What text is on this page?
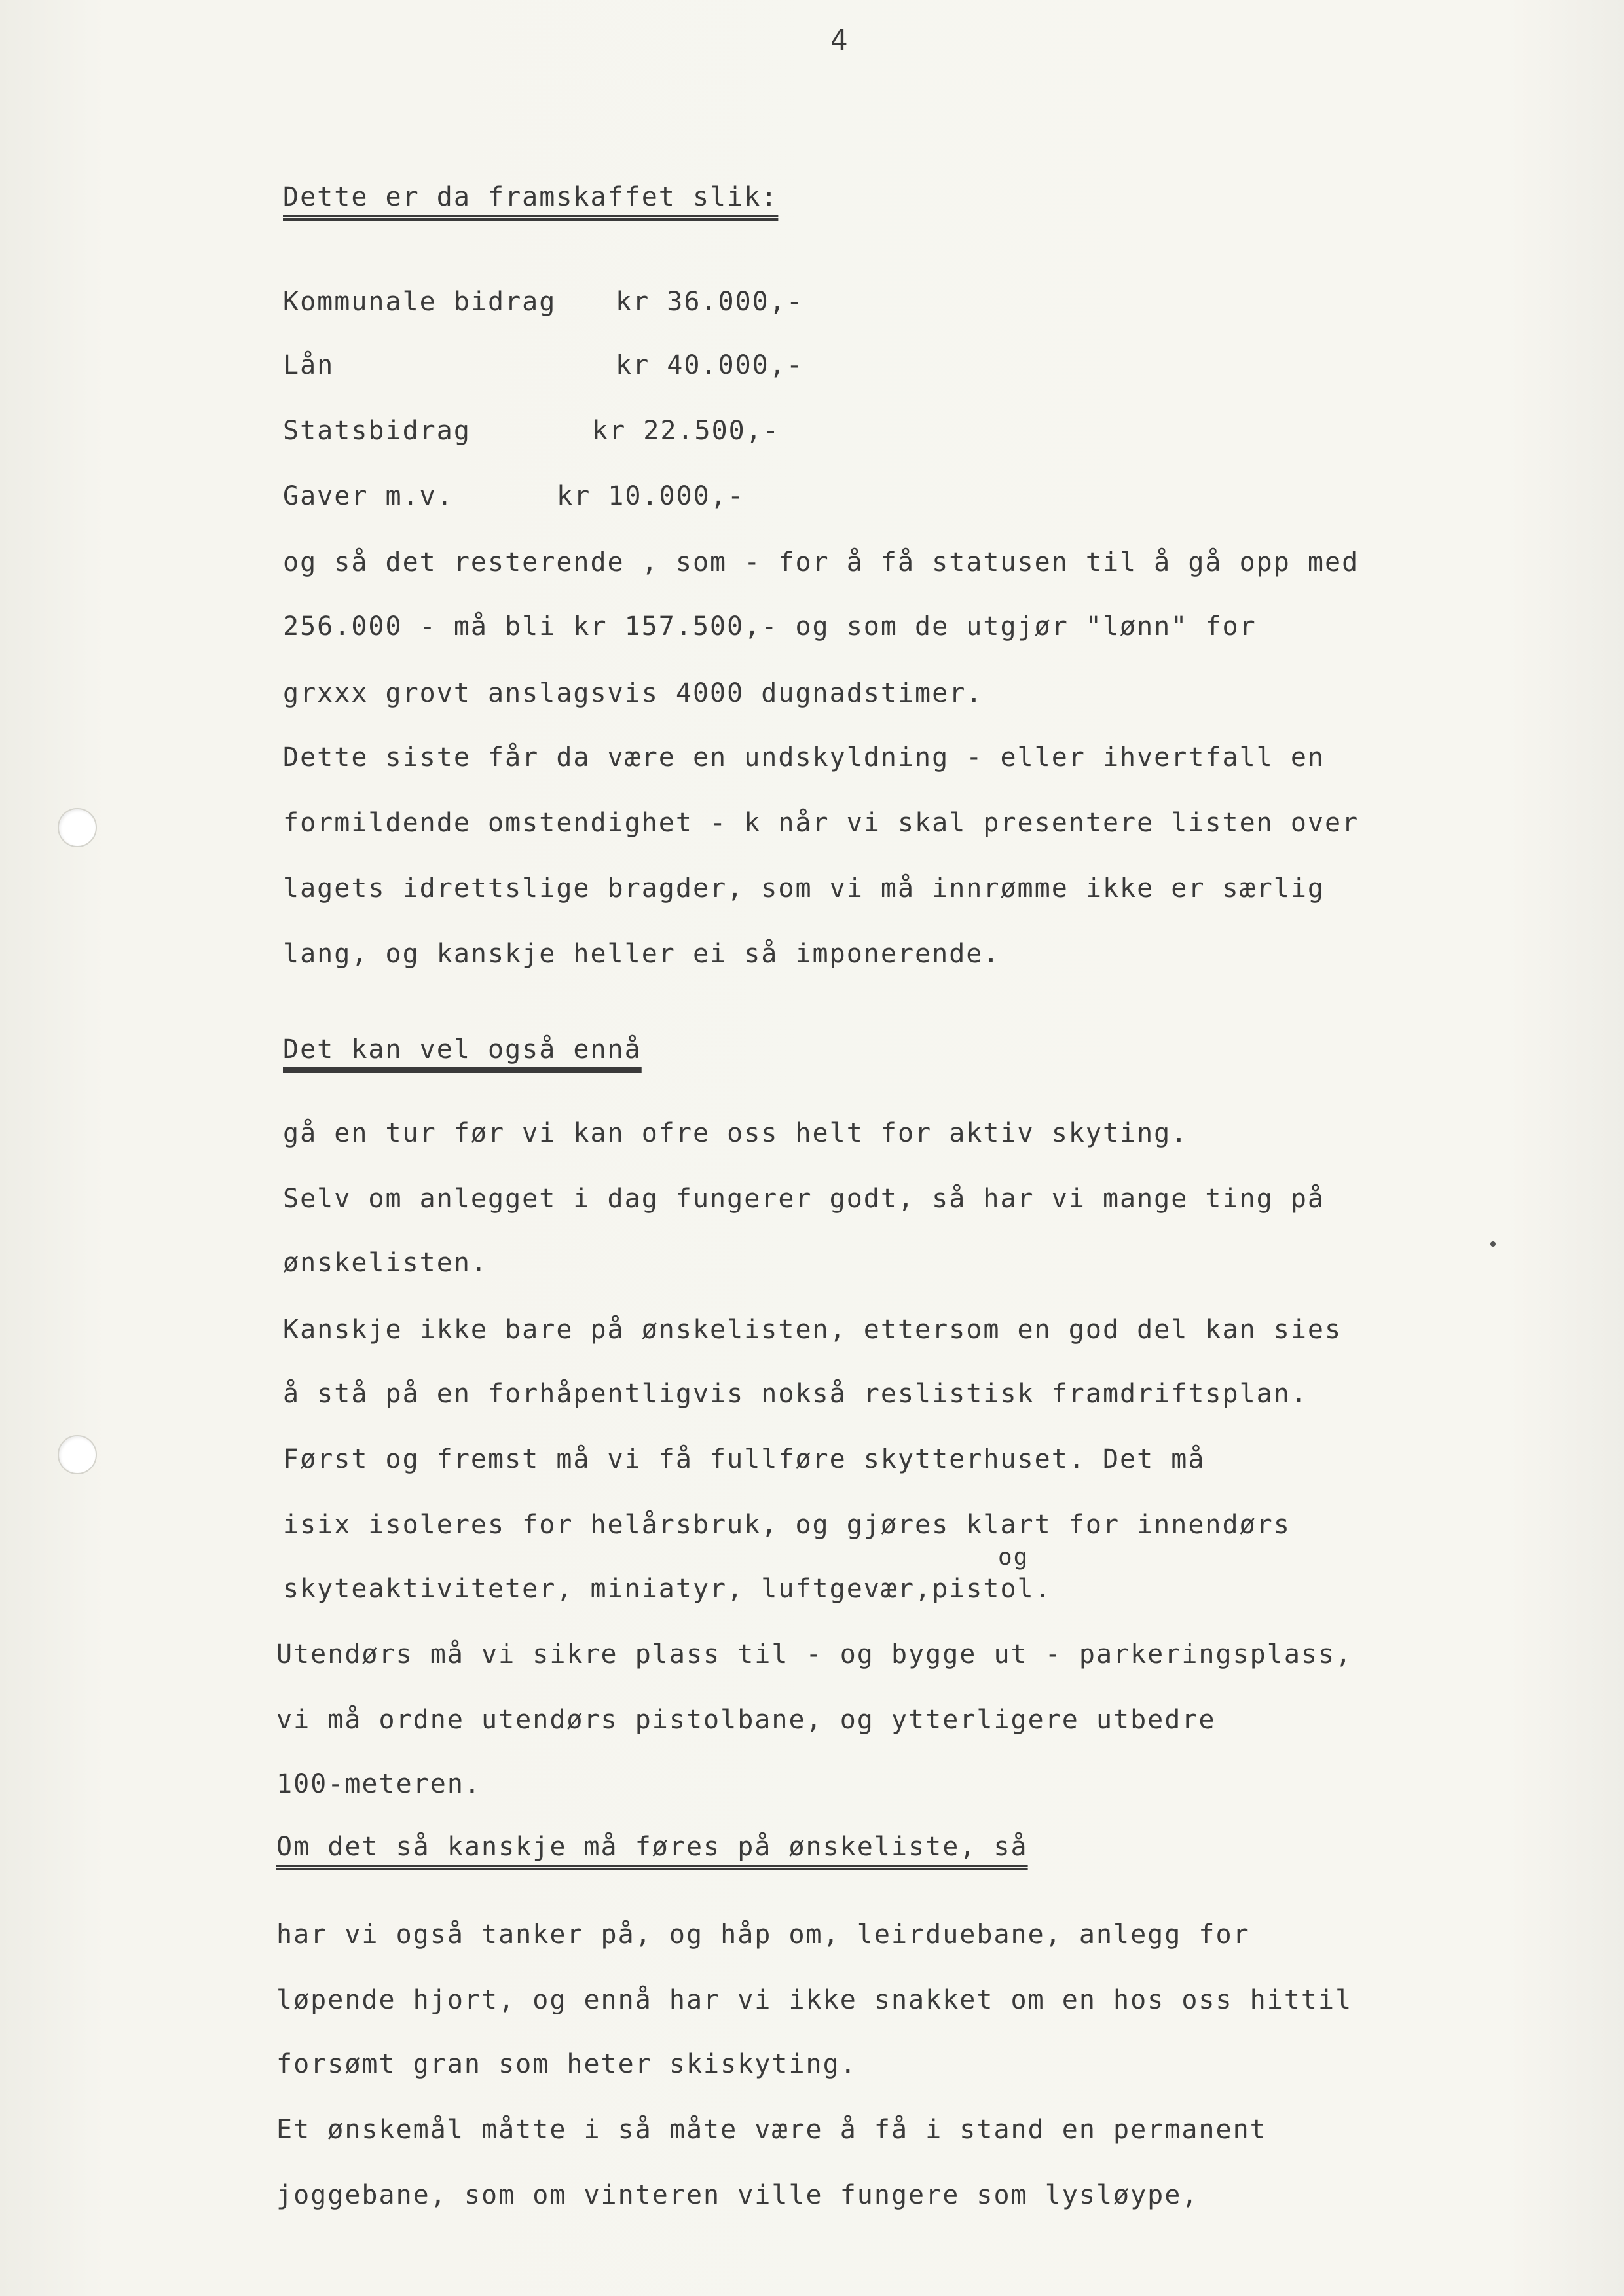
4
Dette er da framskaffet slik:
Kommunale bidrag kr 36.000,-
Lån	kr 40.000,-
Statsbidrag	kr 22.500,-
Gaver m.v.	kr 10.000,-
og så det resterende , som - for å få statusen til å gå opp med
256.000 - må bli kr 157.500,- og som de utgjør "lønn" for
grxxx grovt anslagsvis 4000 dugnadstimer.
Dette siste får da være en undskyldning - eller ihvertfall en
formildende omstendighet - k når vi skal presentere listen over
lagets idrettslige bragder, som vi må innrømme ikke er særlig
lang, og kanskje heller ei så imponerende.
Det kan vel også ennå
gå en tur før vi kan ofre oss helt for aktiv skyting.
Selv om anlegget i dag fungerer godt, så har vi mange ting på
ønskelisten.
Kanskje ikke bare på ønskelisten, ettersom en god del kan sies
å stå på en forhåpentligvis nokså reslistisk framdriftsplan.
Først og fremst må vi få fullføre skytterhuset. Det må
isix isoleres for helårsbruk, og gjøres klart for innendørs
og
skyteaktiviteter, miniatyr, luftgevær,pistol.
Utendørs må vi sikre plass til - og bygge ut - parkeringsplass,
vi må ordne utendørs pistolbane, og ytterligere utbedre
100-meteren.
Om det så kanskje må føres på ønskeliste, så
har vi også tanker på, og håp om, leirduebane, anlegg for
løpende hjort, og ennå har vi ikke snakket om en hos oss hittil
forsømt gran som heter skiskyting.
Et ønskemål måtte i så måte være å få i stand en permanent
joggebane, som om vinteren ville fungere som lysløype,
